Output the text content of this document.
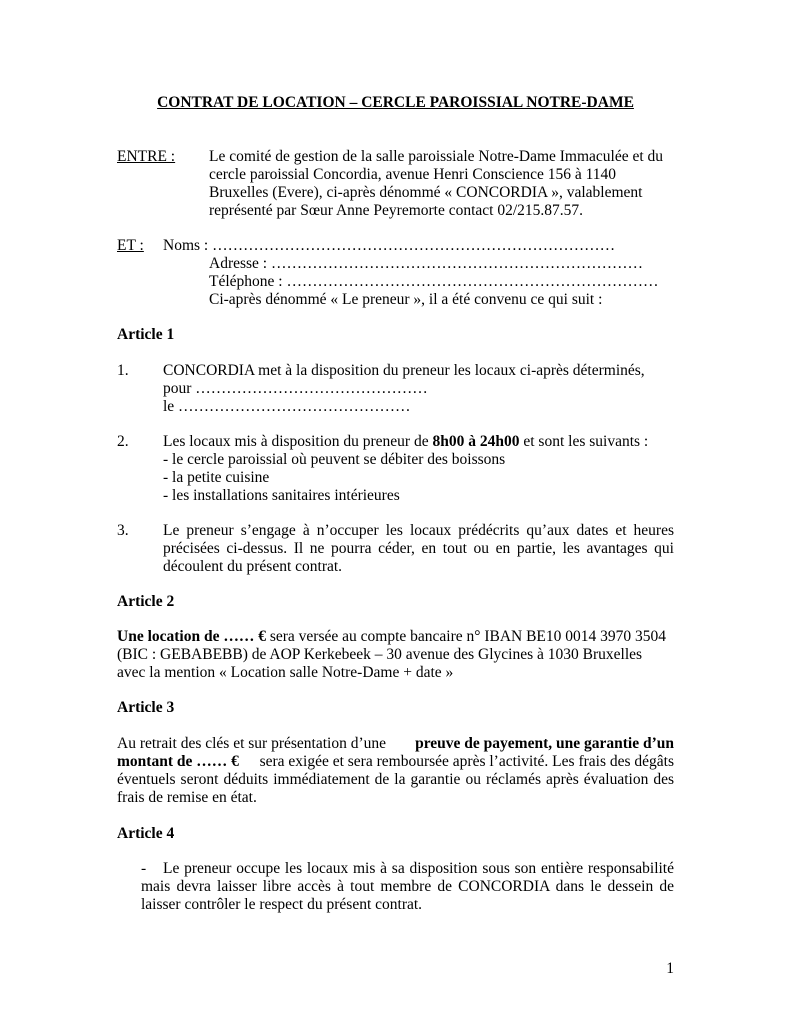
CONTRAT DE LOCATION – CERCLE PAROISSIAL NOTRE-DAME
ENTRE : Le comité de gestion de la salle paroissiale Notre-Dame Immaculée et du
cercle paroissial Concordia, avenue Henri Conscience 156 à 1140
Bruxelles (Evere), ci-après dénommé « CONCORDIA », valablement
représenté par Sœur Anne Peyremorte contact 02/215.87.57.
ET : Noms : ……………………………………………………………………
Adresse : ………………………………………………………………
Téléphone : ………………………………………………………………
Ci-après dénommé « Le preneur », il a été convenu ce qui suit :
Article 1
1. CONCORDIA met à la disposition du preneur les locaux ci-après déterminés,
pour ………………………………………
le ………………………………………
2. Les locaux mis à disposition du preneur de 8h00 à 24h00 et sont les suivants :
- le cercle paroissial où peuvent se débiter des boissons
- la petite cuisine
- les installations sanitaires intérieures
3. Le preneur s’engage à n’occuper les locaux prédécrits qu’aux dates et heures
précisées ci-dessus. Il ne pourra céder, en tout ou en partie, les avantages qui
découlent du présent contrat.
Article 2
Une location de …… € sera versée au compte bancaire n° IBAN BE10 0014 3970 3504
(BIC : GEBABEBB) de AOP Kerkebeek – 30 avenue des Glycines à 1030 Bruxelles
avec la mention « Location salle Notre-Dame + date »
Article 3
Au retrait des clés et sur présentation d’une preuve de payement, une garantie d’un
montant de …… € sera exigée et sera remboursée après l’activité. Les frais des dégâts
éventuels seront déduits immédiatement de la garantie ou réclamés après évaluation des
frais de remise en état.
Article 4
- Le preneur occupe les locaux mis à sa disposition sous son entière responsabilité
mais devra laisser libre accès à tout membre de CONCORDIA dans le dessein de
laisser contrôler le respect du présent contrat.
1
